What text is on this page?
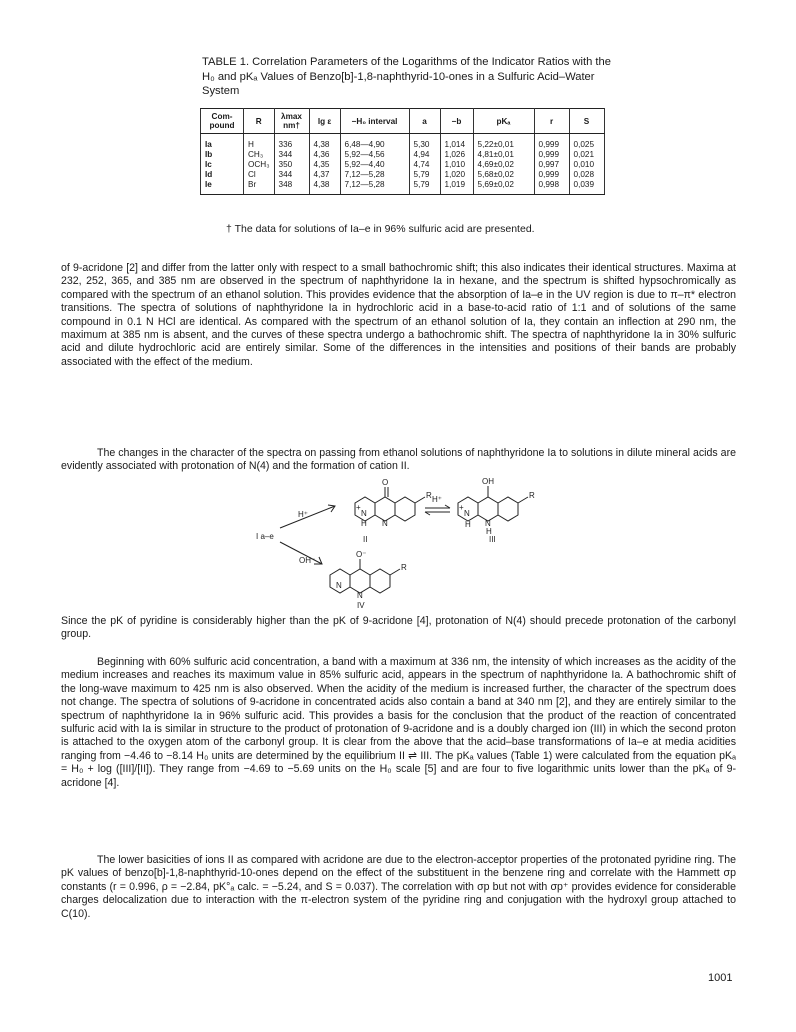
TABLE 1. Correlation Parameters of the Logarithms of the Indicator Ratios with the H₀ and pKₐ Values of Benzo[b]-1,8-naphthyrid-10-ones in a Sulfuric Acid–Water System
Com-pound	R	λmax nm†	lg ε	−H₀ interval	a	−b	pKₐ	r	S
Ia	H	336	4,38	6,48—4,90	5,30	1,014	5,22±0,01	0,999	0,025
Ib	CH₃	344	4,36	5,92—4,56	4,94	1,026	4,81±0,01	0,999	0,021
Ic	OCH₃	350	4,35	5,92—4,40	4,74	1,010	4,69±0,02	0,997	0,010
Id	Cl	344	4,37	7,12—5,28	5,79	1,020	5,68±0,02	0,999	0,028
Ie	Br	348	4,38	7,12—5,28	5,79	1,019	5,69±0,02	0,998	0,039
† The data for solutions of Ia–e in 96% sulfuric acid are presented.

of 9-acridone [2] and differ from the latter only with respect to a small bathochromic shift; this also indicates their identical structures. Maxima at 232, 252, 365, and 385 nm are observed in the spectrum of naphthyridone Ia in hexane, and the spectrum is shifted hypsochromically as compared with the spectrum of an ethanol solution. This provides evidence that the absorption of Ia–e in the UV region is due to π–π* electron transitions. The spectra of solutions of naphthyridone Ia in hydrochloric acid in a base-to-acid ratio of 1:1 and of solutions of the same compound in 0.1 N HCl are identical. As compared with the spectrum of an ethanol solution of Ia, they contain an inflection at 290 nm, the maximum at 385 nm is absent, and the curves of these spectra undergo a bathochromic shift. The spectra of naphthyridone Ia in 30% sulfuric acid and dilute hydrochloric acid are entirely similar. Some of the differences in the intensities and positions of their bands are probably associated with the effect of the medium.

The changes in the character of the spectra on passing from ethanol solutions of naphthyridone Ia to solutions in dilute mineral acids are evidently associated with protonation of N(4) and the formation of cation II.

I a–e	II	III
IV
O	OH
O⁻
R	R
R
H⁺
H⁺
OH⁻
N
N
N
N
N
N
H	H
H
+	+

Since the pK of pyridine is considerably higher than the pK of 9-acridone [4], protonation of N(4) should precede protonation of the carbonyl group.

Beginning with 60% sulfuric acid concentration, a band with a maximum at 336 nm, the intensity of which increases as the acidity of the medium increases and reaches its maximum value in 85% sulfuric acid, appears in the spectrum of naphthyridone Ia. A bathochromic shift of the long-wave maximum to 425 nm is also observed. When the acidity of the medium is increased further, the character of the spectrum does not change. The spectra of solutions of 9-acridone in concentrated acids also contain a band at 340 nm [2], and they are entirely similar to the spectrum of naphthyridone Ia in 96% sulfuric acid. This provides a basis for the conclusion that the product of the reaction of concentrated sulfuric acid with Ia is similar in structure to the product of protonation of 9-acridone and is a doubly charged ion (III) in which the second proton is attached to the oxygen atom of the carbonyl group. It is clear from the above that the acid–base transformations of Ia–e at media acidities ranging from −4.46 to −8.14 H₀ units are determined by the equilibrium II ⇌ III. The pKₐ values (Table 1) were calculated from the equation pKₐ = H₀ + log ([III]/[II]). They range from −4.69 to −5.69 units on the H₀ scale [5] and are four to five logarithmic units lower than the pKₐ of 9-acridone [4].

The lower basicities of ions II as compared with acridone are due to the electron-acceptor properties of the protonated pyridine ring. The pK values of benzo[b]-1,8-naphthyrid-10-ones depend on the effect of the substituent in the benzene ring and correlate with the Hammett σp constants (r = 0.996, ρ = −2.84, pK°ₐ calc. = −5.24, and S = 0.037). The correlation with σp but not with σp⁺ provides evidence for considerable charges delocalization due to interaction with the π-electron system of the pyridine ring and conjugation with the hydroxyl group attached to C(10).

1001
